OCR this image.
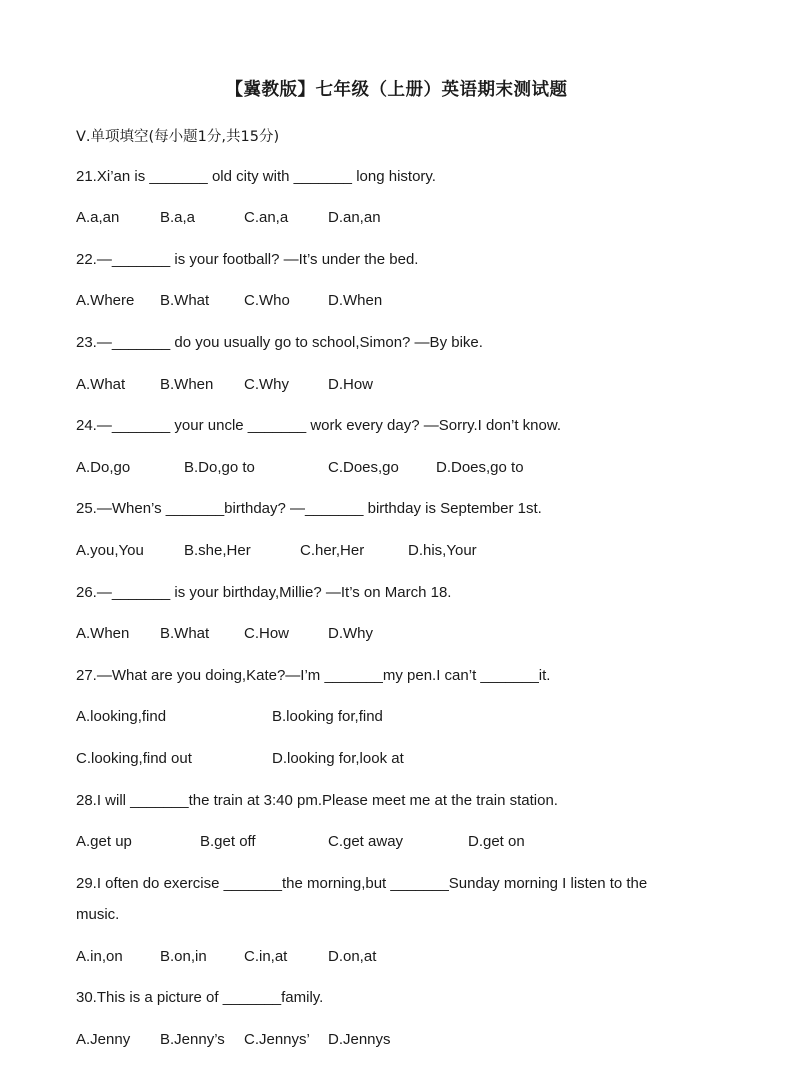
【冀教版】七年级（上册）英语期末测试题
Ⅴ.单项填空(每小题1分,共15分)
21.Xi’an is _______ old city with _______ long history.
A.a,an	B.a,a	C.an,a	D.an,an
22.—_______ is your football? —It’s under the bed.
A.Where B.What C.Who	D.When
23.—_______ do you usually go to school,Simon? —By bike.
A.What B.When C.Why	D.How
24.—_______ your uncle _______ work every day? —Sorry.I don’t know.
A.Do,go	B.Do,go to	C.Does,go D.Does,go to
25.—When’s _______birthday? —_______ birthday is September 1st.
A.you,You	B.she,Her	C.her,Her	D.his,Your
26.—_______ is your birthday,Millie? —It’s on March 18.
A.When B.What C.How	D.Why
27.—What are you doing,Kate?—I’m _______my pen.I can’t _______it.
A.looking,find	B.looking for,find
C.looking,find out	D.looking for,look at
28.I will _______the train at 3:40 pm.Please meet me at the train station.
A.get up	B.get off	C.get away	D.get on
29.I often do exercise _______the morning,but _______Sunday morning I listen to the
music.
A.in,on B.on,in C.in,at	D.on,at
30.This is a picture of _______family.
A.Jenny B.Jenny’s C.Jennys’ D.Jennys
